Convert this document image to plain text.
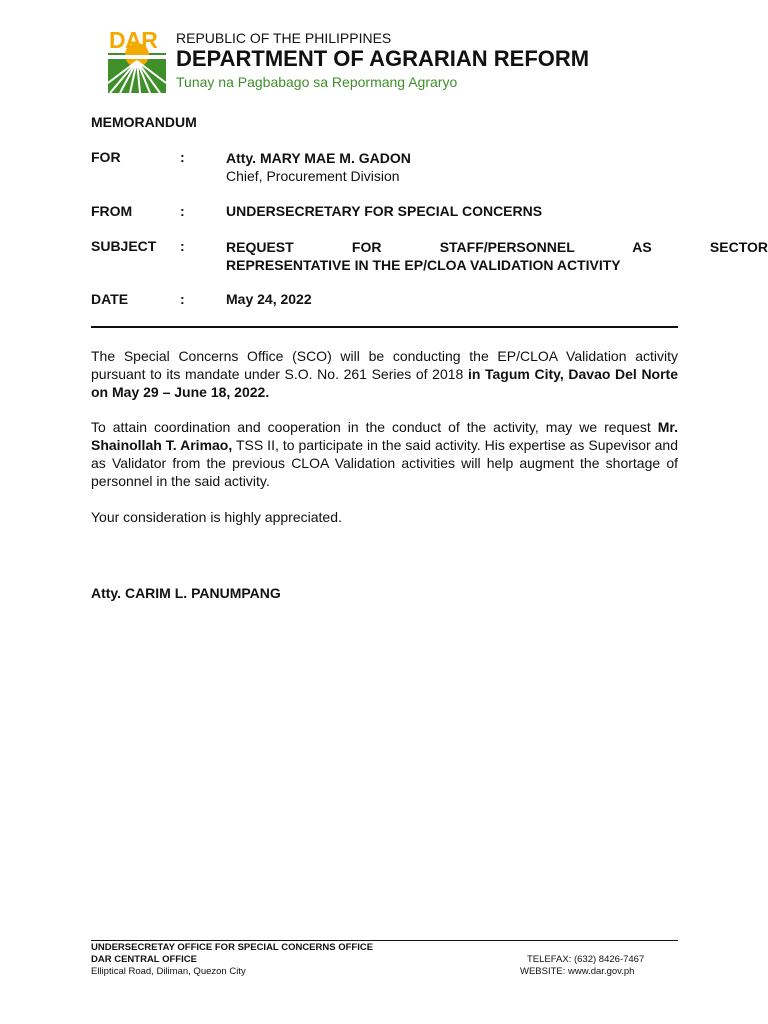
DAR REPUBLIC OF THE PHILIPPINES
DEPARTMENT OF AGRARIAN REFORM
Tunay na Pagbabago sa Repormang Agraryo
MEMORANDUM
FOR	:	Atty. MARY MAE M. GADON
Chief, Procurement Division
FROM	:	UNDERSECRETARY FOR SPECIAL CONCERNS
SUBJECT	:	REQUEST FOR STAFF/PERSONNEL AS SECTOR
REPRESENTATIVE IN THE EP/CLOA VALIDATION ACTIVITY
DATE	:	May 24, 2022
The Special Concerns Office (SCO) will be conducting the EP/CLOA Validation activity pursuant to its mandate under S.O. No. 261 Series of 2018 in Tagum City, Davao Del Norte on May 29 – June 18, 2022.
To attain coordination and cooperation in the conduct of the activity, may we request Mr. Shainollah T. Arimao, TSS II, to participate in the said activity. His expertise as Supevisor and as Validator from the previous CLOA Validation activities will help augment the shortage of personnel in the said activity.
Your consideration is highly appreciated.
Atty. CARIM L. PANUMPANG
UNDERSECRETAY OFFICE FOR SPECIAL CONCERNS OFFICE
DAR CENTRAL OFFICE
Elliptical Road, Diliman, Quezon City
TELEFAX: (632) 8426-7467
WEBSITE: www.dar.gov.ph
